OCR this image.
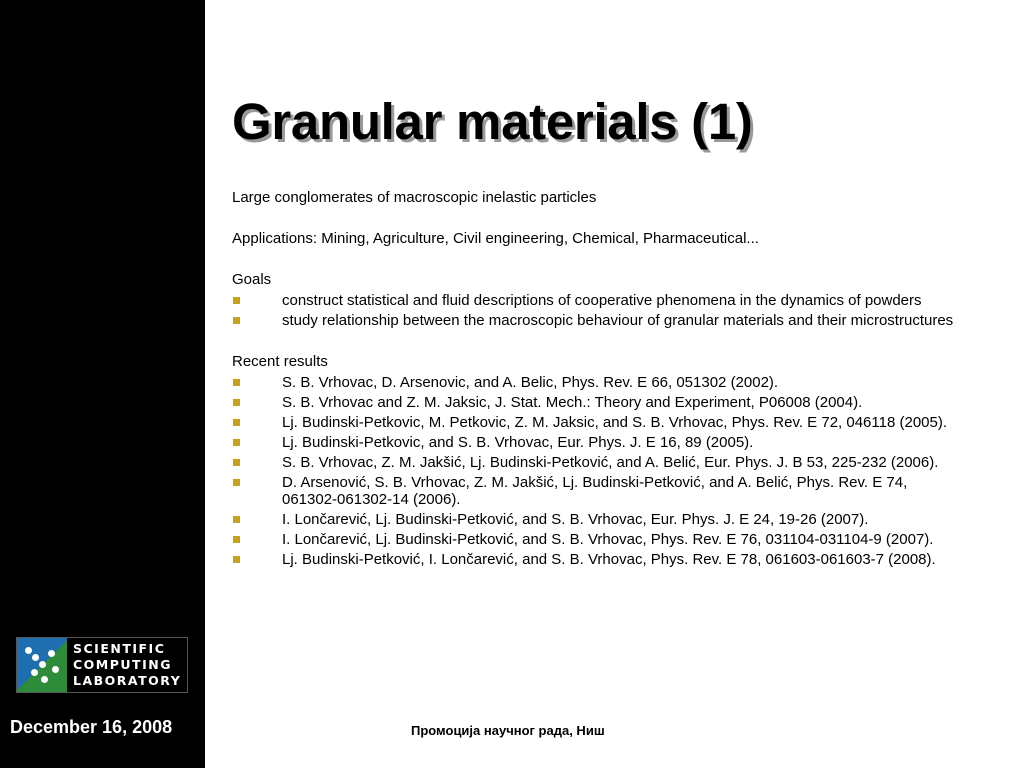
SCIENTIFIC
COMPUTING
LABORATORY
December 16, 2008
Granular materials (1)

Large conglomerates of macroscopic inelastic particles

Applications: Mining, Agriculture, Civil engineering, Chemical, Pharmaceutical...

Goals

construct statistical and fluid descriptions of cooperative phenomena in the dynamics of powders
study relationship between the macroscopic behaviour of granular materials and their microstructures

Recent results

S. B. Vrhovac, D. Arsenovic, and A. Belic, Phys. Rev. E 66, 051302 (2002).
S. B. Vrhovac and Z. M. Jaksic, J. Stat. Mech.: Theory and Experiment, P06008 (2004).
Lj. Budinski-Petkovic, M. Petkovic, Z. M. Jaksic, and S. B. Vrhovac, Phys. Rev. E 72, 046118 (2005).
Lj. Budinski-Petkovic, and S. B. Vrhovac, Eur. Phys. J. E 16, 89 (2005).
S. B. Vrhovac, Z. M. Jakšić, Lj. Budinski-Petković, and A. Belić, Eur. Phys. J. B 53, 225-232 (2006).
D. Arsenović, S. B. Vrhovac, Z. M. Jakšić, Lj. Budinski-Petković, and A. Belić, Phys. Rev. E 74, 061302-061302-14 (2006).
I. Lončarević, Lj. Budinski-Petković, and S. B. Vrhovac, Eur. Phys. J. E 24, 19-26 (2007).
I. Lončarević, Lj. Budinski-Petković, and S. B. Vrhovac, Phys. Rev. E 76, 031104-031104-9 (2007).
Lj. Budinski-Petković, I. Lončarević, and S. B. Vrhovac, Phys. Rev. E 78, 061603-061603-7 (2008).
Промоција научног рада, Ниш
